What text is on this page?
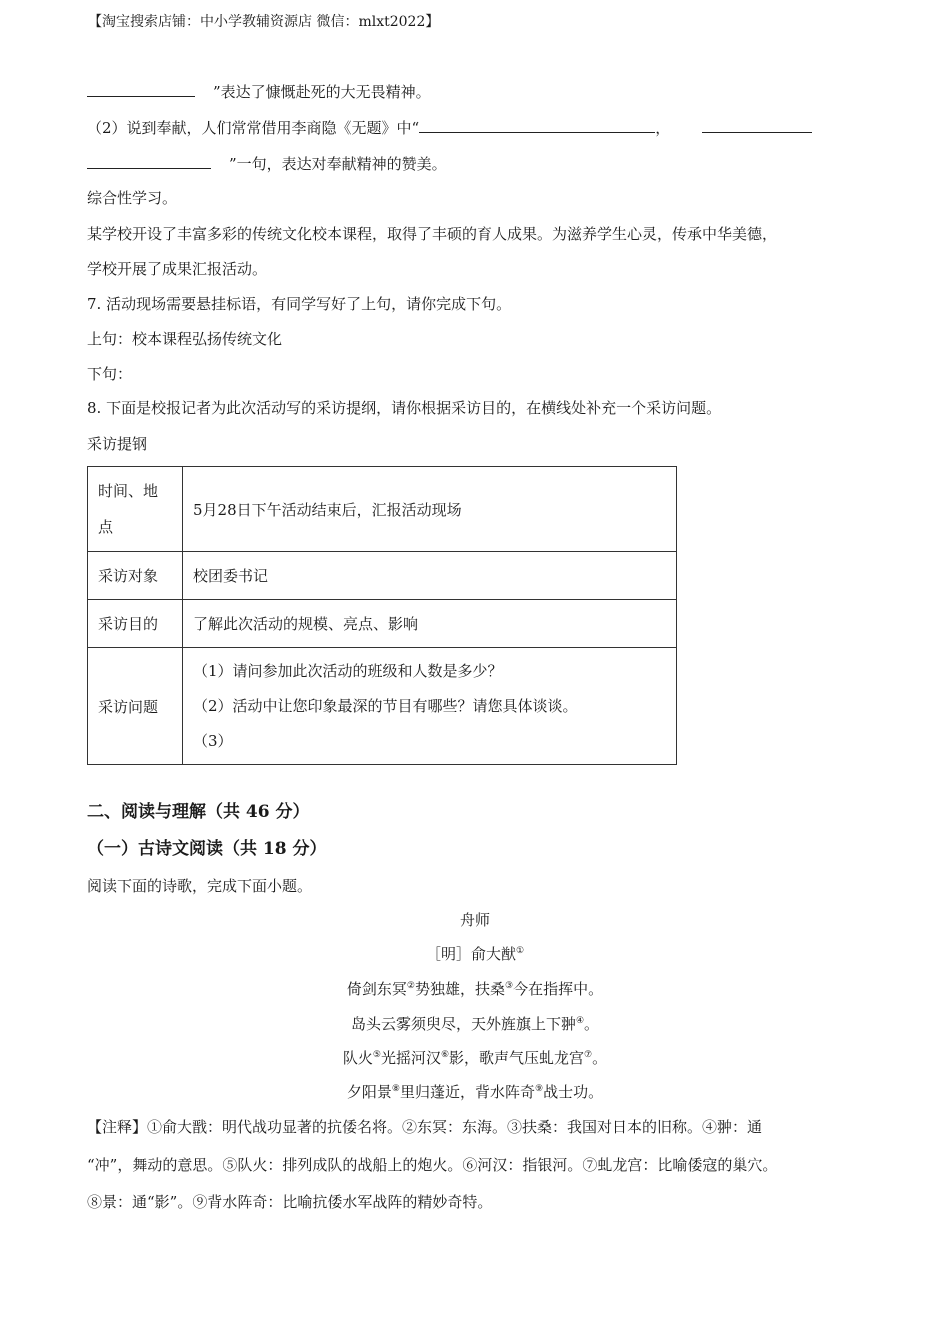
【淘宝搜索店铺：中小学教辅资源店 微信：mlxt2022】
”表达了慷慨赴死的大无畏精神。
（2）说到奉献，人们常常借用李商隐《无题》中“	，
”一句，表达对奉献精神的赞美。
综合性学习。
某学校开设了丰富多彩的传统文化校本课程，取得了丰硕的育人成果。为滋养学生心灵，传承中华美德，
学校开展了成果汇报活动。
7. 活动现场需要悬挂标语，有同学写好了上句，请你完成下句。
上句：校本课程弘扬传统文化
下句：
8. 下面是校报记者为此次活动写的采访提纲，请你根据采访目的，在横线处补充一个采访问题。
采访提钢
时间、地
点	5月28日下午活动结束后，汇报活动现场
采访对象	校团委书记
采访目的	了解此次活动的规模、亮点、影响
采访问题	（1）请问参加此次活动的班级和人数是多少？
（2）活动中让您印象最深的节目有哪些？请您具体谈谈。
（3）
二、阅读与理解（共 46 分）
（一）古诗文阅读（共 18 分）
阅读下面的诗歌，完成下面小题。
舟师
［明］俞大猷①
倚剑东冥②势独雄，扶桑③今在指挥中。
岛头云雾须臾尽，天外旌旗上下翀④。
队火⑤光摇河汉⑥影，歌声气压虬龙宫⑦。
夕阳景⑧里归蓬近，背水阵奇⑨战士功。
【注释】①俞大戬：明代战功显著的抗倭名将。②东冥：东海。③扶桑：我国对日本的旧称。④翀：通
“冲”，舞动的意思。⑤队火：排列成队的战船上的炮火。⑥河汉：指银河。⑦虬龙宫：比喻倭寇的巢穴。
⑧景：通“影”。⑨背水阵奇：比喻抗倭水军战阵的精妙奇特。
